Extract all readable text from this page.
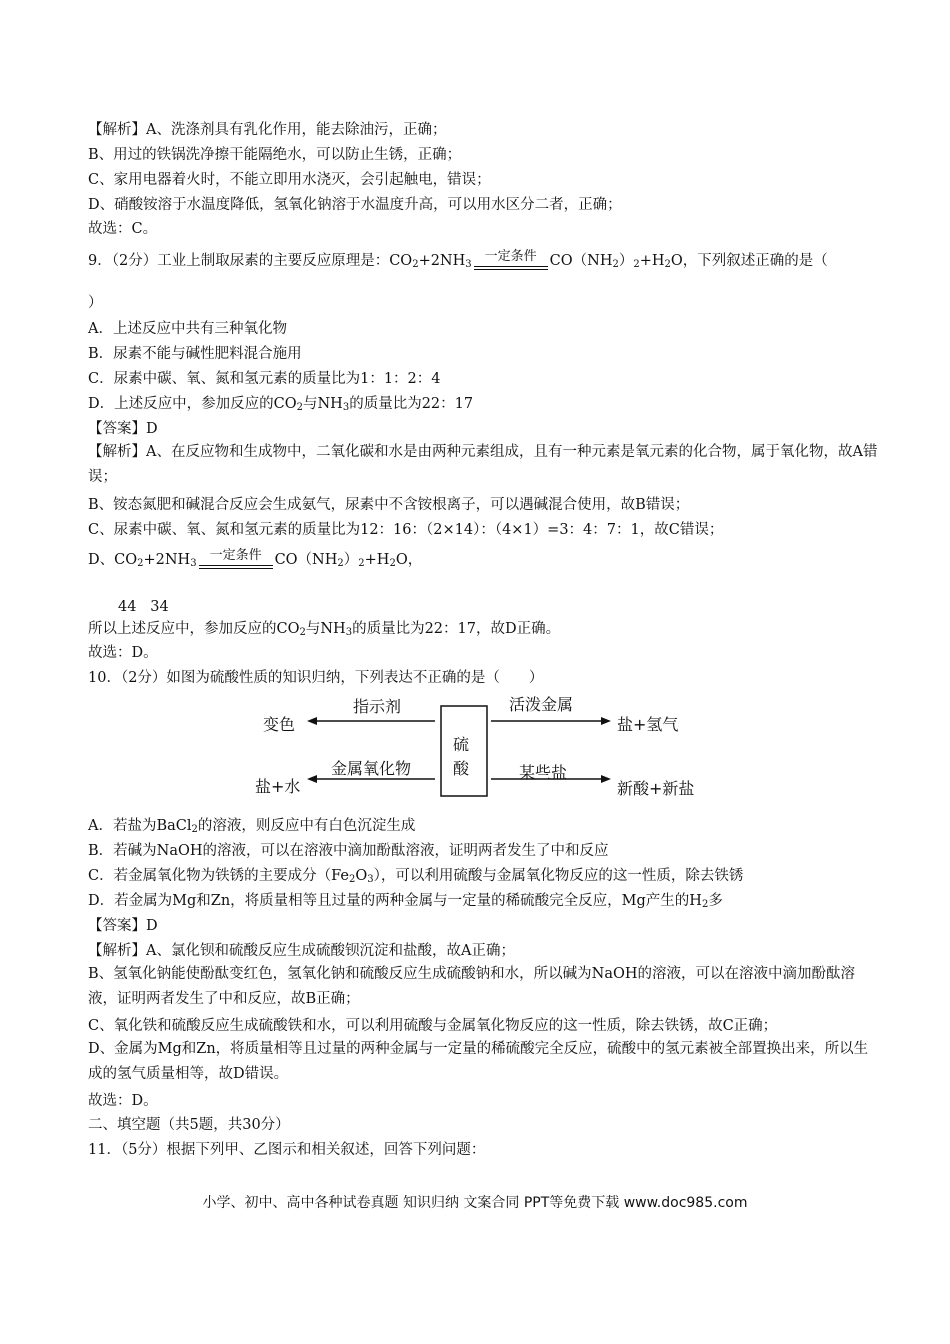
【解析】A、洗涤剂具有乳化作用，能去除油污，正确；
B、用过的铁锅洗净擦干能隔绝水，可以防止生锈，正确；
C、家用电器着火时，不能立即用水浇灭，会引起触电，错误；
D、硝酸铵溶于水温度降低，氢氧化钠溶于水温度升高，可以用水区分二者，正确；
故选：C。
9．（2分）工业上制取尿素的主要反应原理是：$CO_2+2NH_3$
一定条件 $CO(NH_2)_2+H_2O$，下列叙述正确的是（
）
A．上述反应中共有三种氧化物
B．尿素不能与碱性肥料混合施用
C．尿素中碳、氧、氮和氢元素的质量比为1：1：2：4
D．上述反应中，参加反应的$CO_2$与$NH_3$的质量比为22：17
【答案】D
【解析】A、在反应物和生成物中，二氧化碳和水是由两种元素组成，且有一种元素是氧元素的化合物，属于氧化物，故A错误；
B、铵态氮肥和碱混合反应会生成氨气，尿素中不含铵根离子，可以遇碱混合使用，故B错误；
C、尿素中碳、氧、氮和氢元素的质量比为12：16：（2×14）：（4×1）=3：4：7：1，故C错误；
D、$CO_2+2NH_3$
一定条件 $CO(NH_2)_2+H_2O$，
44   34
所以上述反应中，参加反应的$CO_2$与$NH_3$的质量比为22：17，故D正确。
故选：D。
10．（2分）如图为硫酸性质的知识归纳，下列表达不正确的是（　　）
指示剂
变色
活泼金属
盐+氢气
硫
酸
金属氧化物
盐+水
某些盐
新酸+新盐
A．若盐为BaCl$_2$的溶液，则反应中有白色沉淀生成
B．若碱为NaOH的溶液，可以在溶液中滴加酚酞溶液，证明两者发生了中和反应
C．若金属氧化物为铁锈的主要成分$(Fe_2O_3)$，可以利用硫酸与金属氧化物反应的这一性质，除去铁锈
D．若金属为Mg和Zn，将质量相等且过量的两种金属与一定量的稀硫酸完全反应，Mg产生的$H_2$多
【答案】D
【解析】A、氯化钡和硫酸反应生成硫酸钡沉淀和盐酸，故A正确；
B、氢氧化钠能使酚酞变红色，氢氧化钠和硫酸反应生成硫酸钠和水，所以碱为NaOH的溶液，可以在溶液中滴加酚酞溶液，证明两者发生了中和反应，故B正确；
C、氧化铁和硫酸反应生成硫酸铁和水，可以利用硫酸与金属氧化物反应的这一性质，除去铁锈，故C正确；
D、金属为Mg和Zn，将质量相等且过量的两种金属与一定量的稀硫酸完全反应，硫酸中的氢元素被全部置换出来，所以生成的氢气质量相等，故D错误。
故选：D。
二、填空题（共5题，共30分）
11．（5分）根据下列甲、乙图示和相关叙述，回答下列问题：
小学、初中、高中各种试卷真题 知识归纳 文案合同 PPT等免费下载 www.doc985.com
